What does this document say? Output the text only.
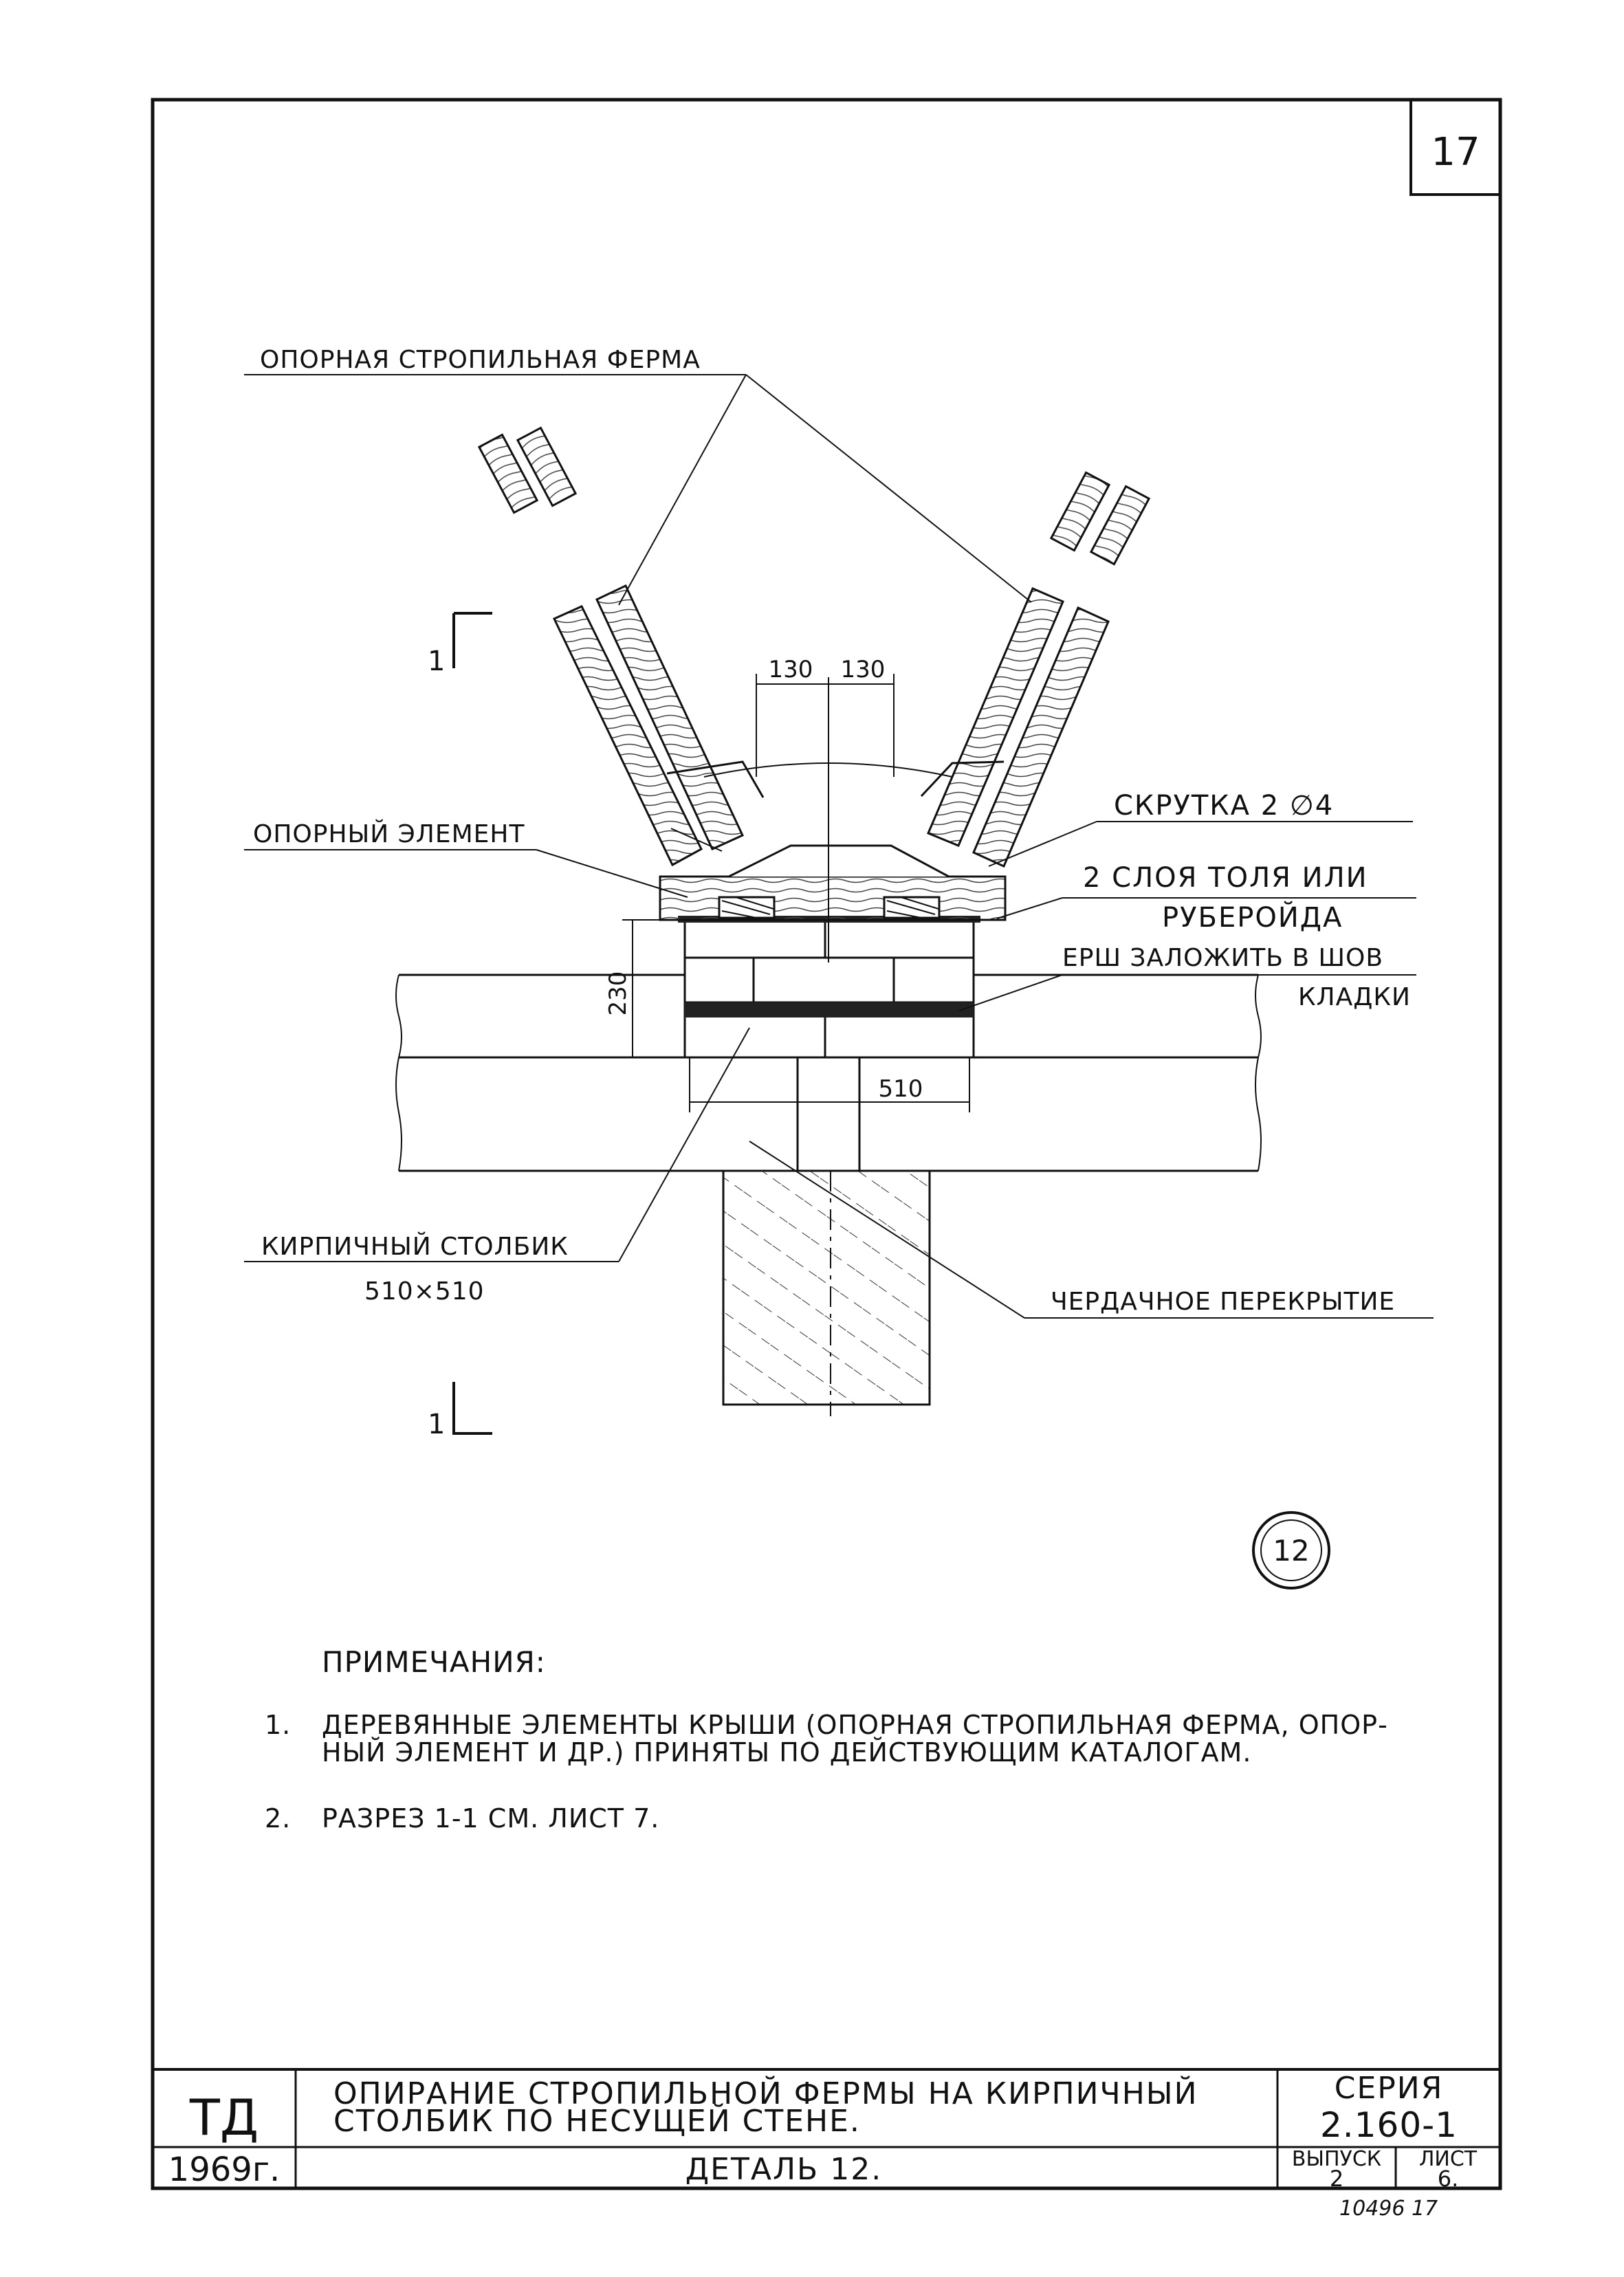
17
1
1
ОПОРНАЯ СТРОПИЛЬНАЯ ФЕРМА
ОПОРНЫЙ ЭЛЕМЕНТ
СКРУТКА 2 ∅4
2 СЛОЯ ТОЛЯ ИЛИ
РУБЕРОЙДА
ЕРШ ЗАЛОЖИТЬ В ШОВ
КЛАДКИ
КИРПИЧНЫЙ СТОЛБИК
510×510	ЧЕРДАЧНОЕ ПЕРЕКРЫТИЕ
130 130
230
510
12
ПРИМЕЧАНИЯ:
1. ДЕРЕВЯННЫЕ ЭЛЕМЕНТЫ КРЫШИ (ОПОРНАЯ СТРОПИЛЬНАЯ ФЕРМА, ОПОР-
НЫЙ ЭЛЕМЕНТ И ДР.) ПРИНЯТЫ ПО ДЕЙСТВУЮЩИМ КАТАЛОГАМ.
2. РАЗРЕЗ 1-1 СМ. ЛИСТ 7.
ТД
1969г.
ОПИРАНИЕ СТРОПИЛЬНОЙ ФЕРМЫ НА КИРПИЧНЫЙ
СТОЛБИК ПО НЕСУЩЕЙ СТЕНЕ.
ДЕТАЛЬ 12.
СЕРИЯ
2.160-1
ВЫПУСК
2
ЛИСТ
6.
10496 17
